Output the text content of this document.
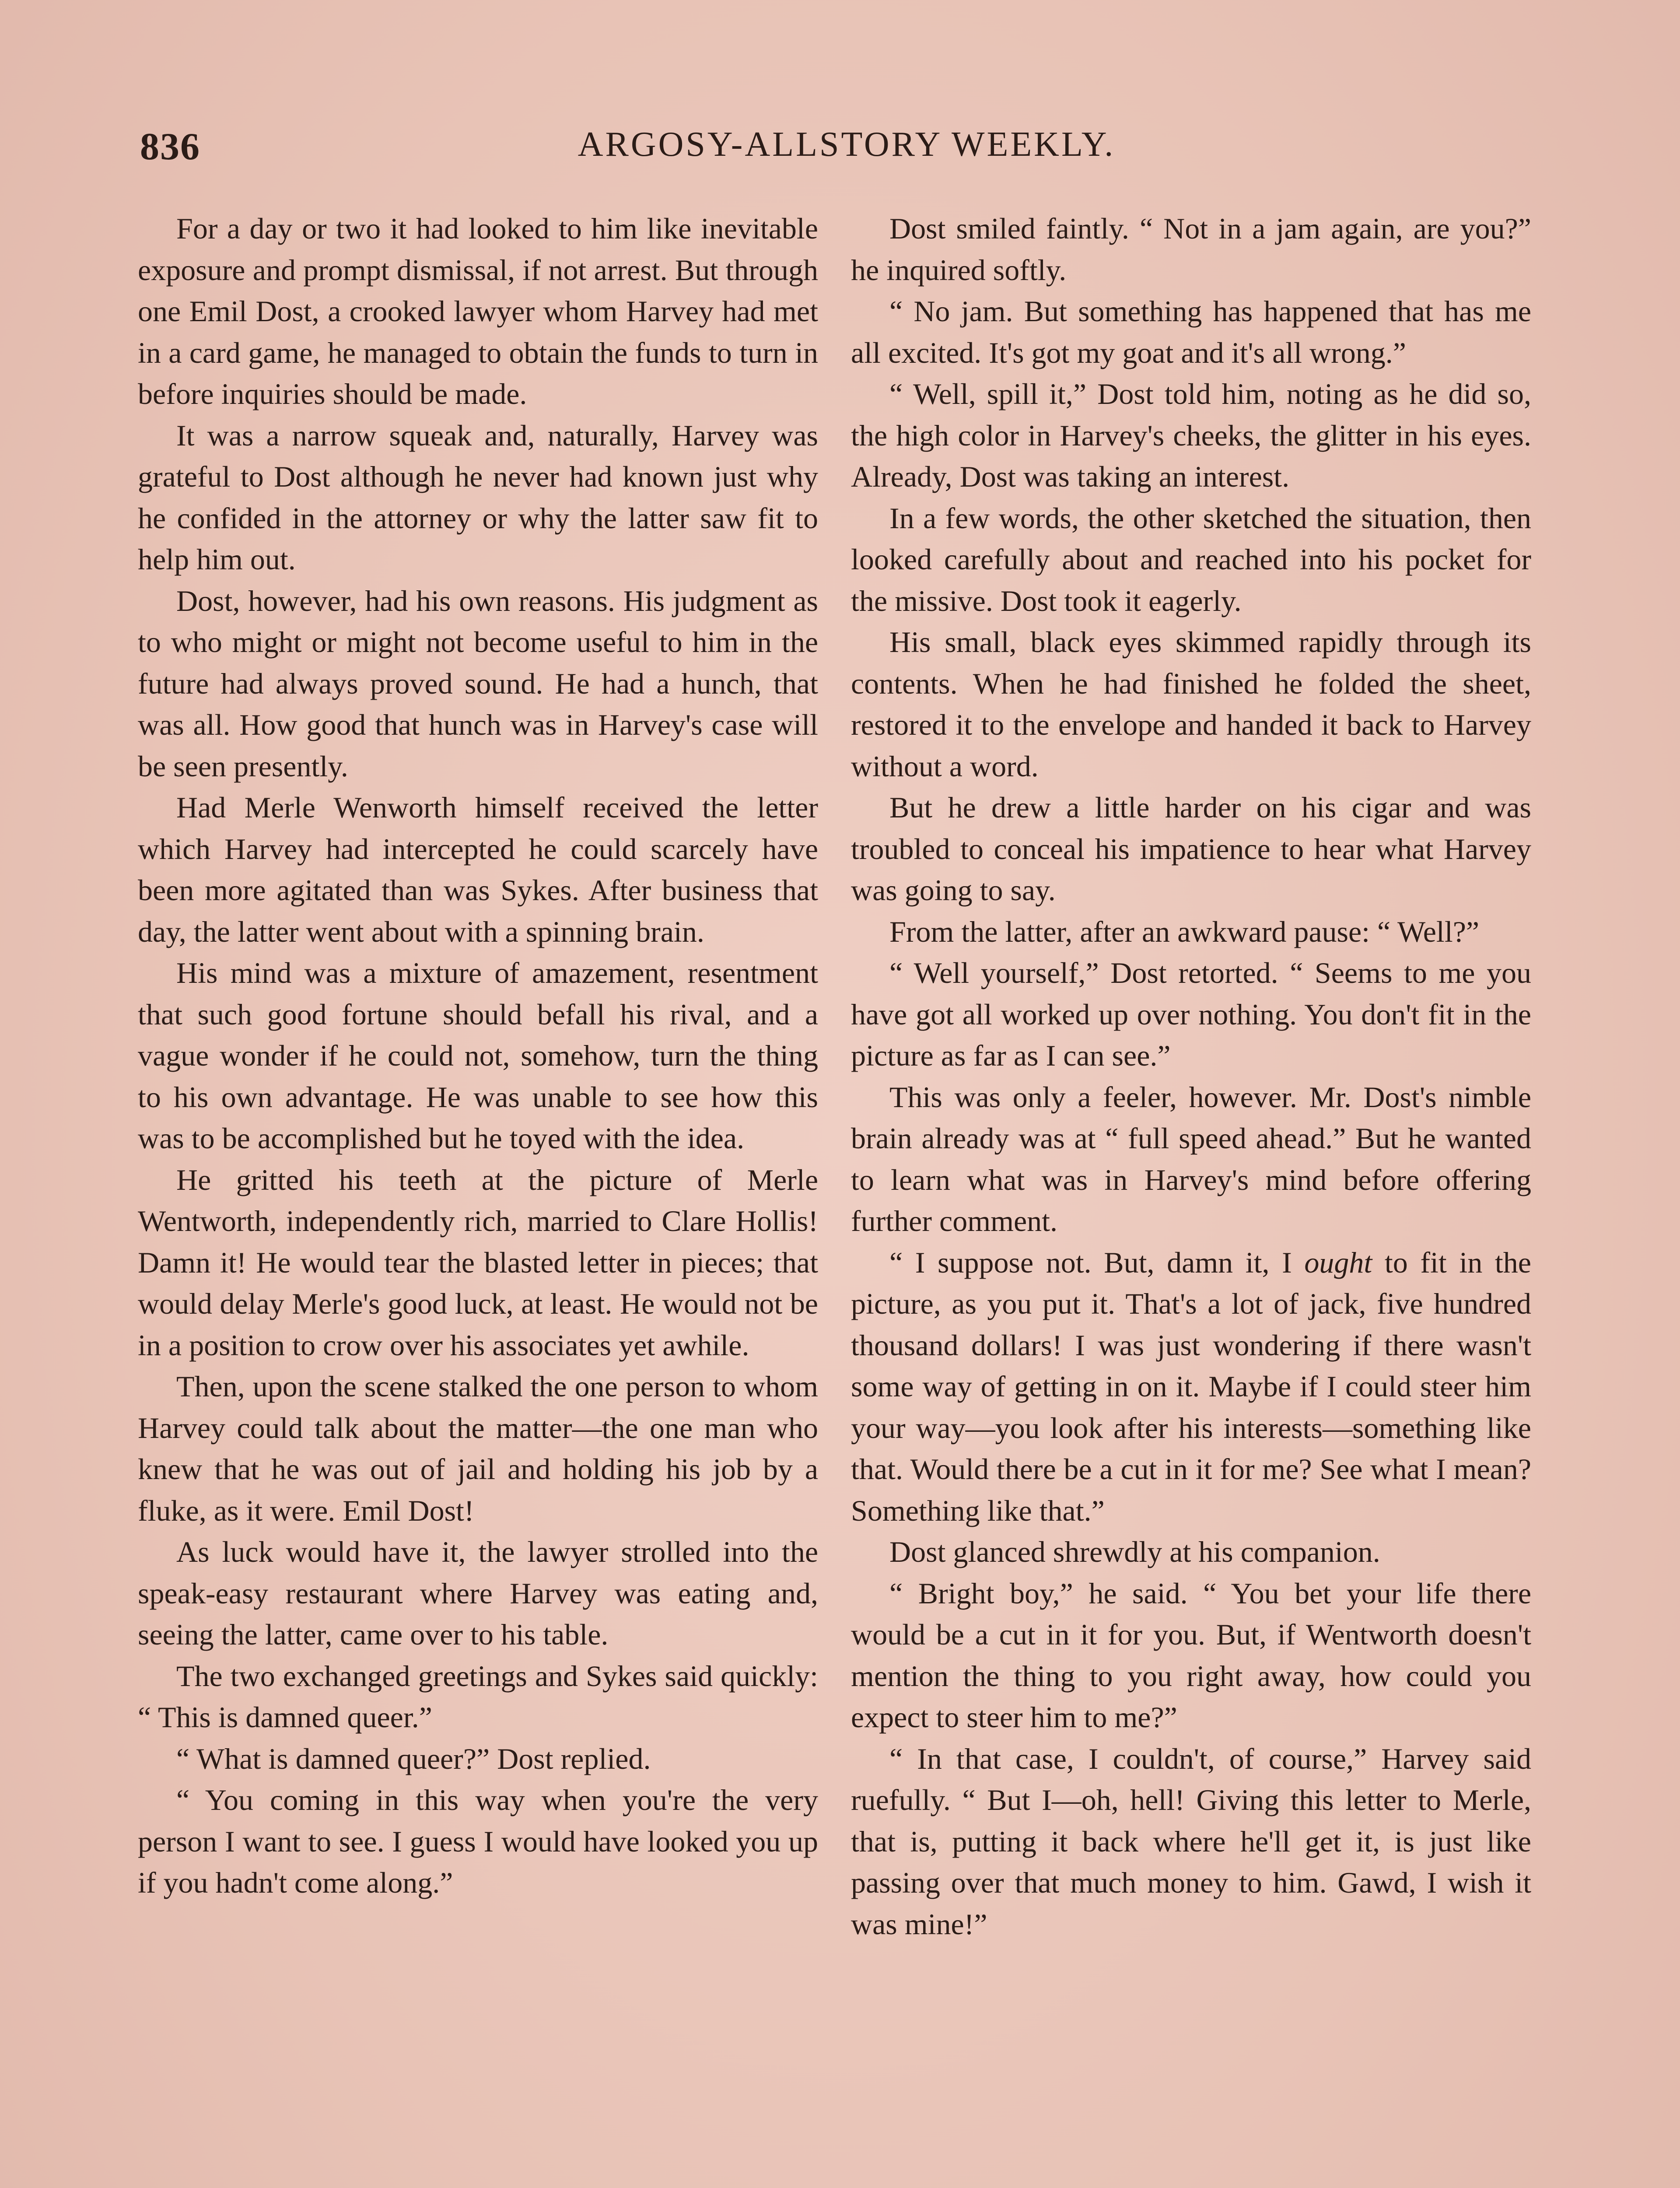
836	ARGOSY-ALLSTORY WEEKLY.

For a day or two it had looked to him like inevitable exposure and prompt dismissal, if not arrest. But through one Emil Dost, a crooked lawyer whom Harvey had met in a card game, he managed to obtain the funds to turn in before inquiries should be made.

It was a narrow squeak and, naturally, Harvey was grateful to Dost although he never had known just why he confided in the attorney or why the latter saw fit to help him out.

Dost, however, had his own reasons. His judgment as to who might or might not become useful to him in the future had always proved sound. He had a hunch, that was all. How good that hunch was in Harvey's case will be seen presently.

Had Merle Wenworth himself received the letter which Harvey had intercepted he could scarcely have been more agitated than was Sykes. After business that day, the latter went about with a spinning brain.

His mind was a mixture of amazement, resentment that such good fortune should befall his rival, and a vague wonder if he could not, somehow, turn the thing to his own advantage. He was unable to see how this was to be accomplished but he toyed with the idea.

He gritted his teeth at the picture of Merle Wentworth, independently rich, married to Clare Hollis! Damn it! He would tear the blasted letter in pieces; that would delay Merle's good luck, at least. He would not be in a position to crow over his associates yet awhile.

Then, upon the scene stalked the one person to whom Harvey could talk about the matter—the one man who knew that he was out of jail and holding his job by a fluke, as it were. Emil Dost!

As luck would have it, the lawyer strolled into the speak-easy restaurant where Harvey was eating and, seeing the latter, came over to his table.

The two exchanged greetings and Sykes said quickly: “ This is damned queer.”

“ What is damned queer?” Dost replied.

“ You coming in this way when you're the very person I want to see. I guess I would have looked you up if you hadn't come along.”

Dost smiled faintly. “ Not in a jam again, are you?” he inquired softly.

“ No jam. But something has happened that has me all excited. It's got my goat and it's all wrong.”

“ Well, spill it,” Dost told him, noting as he did so, the high color in Harvey's cheeks, the glitter in his eyes. Already, Dost was taking an interest.

In a few words, the other sketched the situation, then looked carefully about and reached into his pocket for the missive. Dost took it eagerly.

His small, black eyes skimmed rapidly through its contents. When he had finished he folded the sheet, restored it to the envelope and handed it back to Harvey without a word.

But he drew a little harder on his cigar and was troubled to conceal his impatience to hear what Harvey was going to say.

From the latter, after an awkward pause: “ Well?”

“ Well yourself,” Dost retorted. “ Seems to me you have got all worked up over nothing. You don't fit in the picture as far as I can see.”

This was only a feeler, however. Mr. Dost's nimble brain already was at “ full speed ahead.” But he wanted to learn what was in Harvey's mind before offering further comment.

“ I suppose not. But, damn it, I ought to fit in the picture, as you put it. That's a lot of jack, five hundred thousand dollars! I was just wondering if there wasn't some way of getting in on it. Maybe if I could steer him your way—you look after his interests—something like that. Would there be a cut in it for me? See what I mean? Something like that.”

Dost glanced shrewdly at his companion.

“ Bright boy,” he said. “ You bet your life there would be a cut in it for you. But, if Wentworth doesn't mention the thing to you right away, how could you expect to steer him to me?”

“ In that case, I couldn't, of course,” Harvey said ruefully. “ But I—oh, hell! Giving this letter to Merle, that is, putting it back where he'll get it, is just like passing over that much money to him. Gawd, I wish it was mine!”
